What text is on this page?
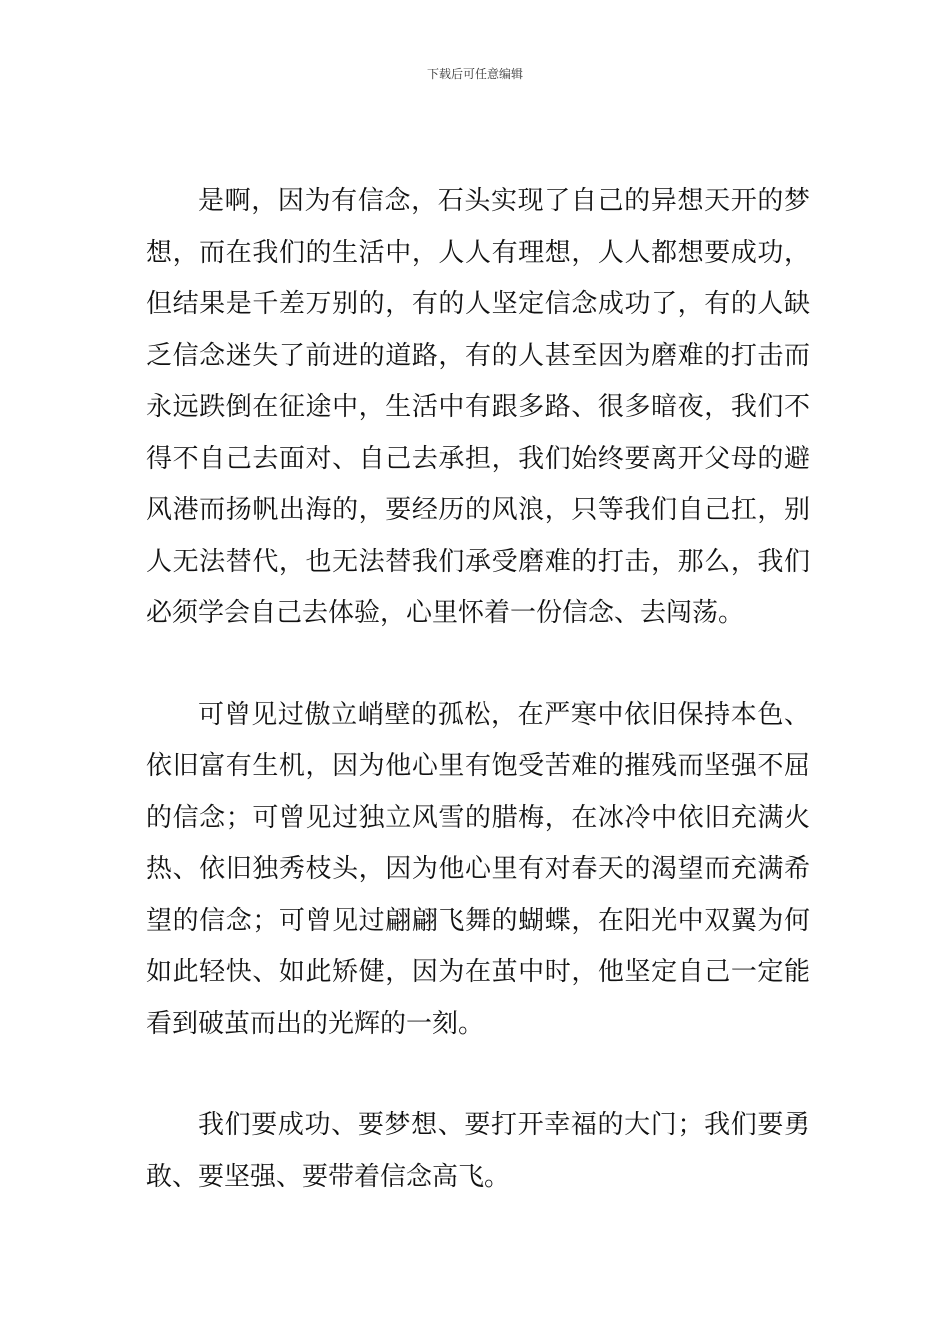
下载后可任意编辑

是啊，因为有信念，石头实现了自己的异想天开的梦想，而在我们的生活中，人人有理想，人人都想要成功，但结果是千差万别的，有的人坚定信念成功了，有的人缺乏信念迷失了前进的道路，有的人甚至因为磨难的打击而永远跌倒在征途中，生活中有跟多路、很多暗夜，我们不得不自己去面对、自己去承担，我们始终要离开父母的避风港而扬帆出海的，要经历的风浪，只等我们自己扛，别人无法替代，也无法替我们承受磨难的打击，那么，我们必须学会自己去体验，心里怀着一份信念、去闯荡。

可曾见过傲立峭壁的孤松，在严寒中依旧保持本色、依旧富有生机，因为他心里有饱受苦难的摧残而坚强不屈的信念；可曾见过独立风雪的腊梅，在冰冷中依旧充满火热、依旧独秀枝头，因为他心里有对春天的渴望而充满希望的信念；可曾见过翩翩飞舞的蝴蝶，在阳光中双翼为何如此轻快、如此矫健，因为在茧中时，他坚定自己一定能看到破茧而出的光辉的一刻。

我们要成功、要梦想、要打开幸福的大门；我们要勇敢、要坚强、要带着信念高飞。
